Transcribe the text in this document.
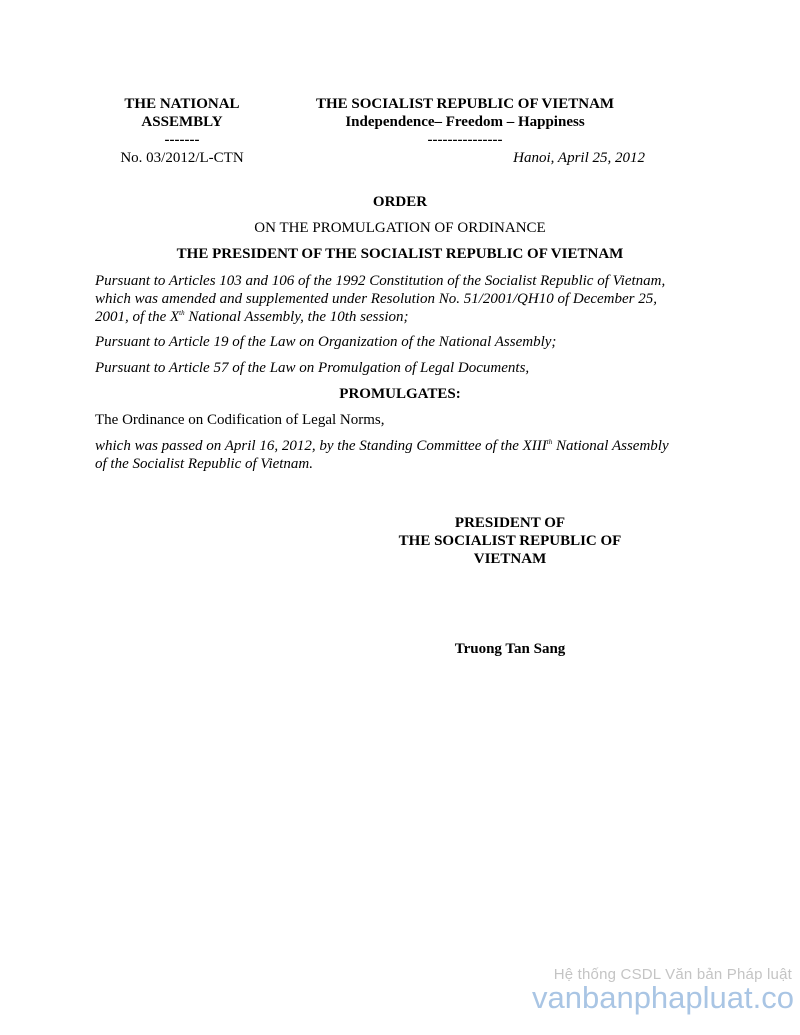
THE NATIONAL
ASSEMBLY
-------
No. 03/2012/L-CTN
THE SOCIALIST REPUBLIC OF VIETNAM
Independence– Freedom – Happiness
---------------
Hanoi, April 25, 2012
ORDER
ON THE PROMULGATION OF ORDINANCE
THE PRESIDENT OF THE SOCIALIST REPUBLIC OF VIETNAM
Pursuant to Articles 103 and 106 of the 1992 Constitution of the Socialist Republic of Vietnam,
which was amended and supplemented under Resolution No. 51/2001/QH10 of December 25,
2001, of the Xth National Assembly, the 10th session;
Pursuant to Article 19 of the Law on Organization of the National Assembly;
Pursuant to Article 57 of the Law on Promulgation of Legal Documents,
PROMULGATES:
The Ordinance on Codification of Legal Norms,
which was passed on April 16, 2012, by the Standing Committee of the XIIIth National Assembly
of the Socialist Republic of Vietnam.
PRESIDENT OF
THE SOCIALIST REPUBLIC OF
VIETNAM
Truong Tan Sang
Hệ thống CSDL Văn bản Pháp luật
vanbanphapluat.co
